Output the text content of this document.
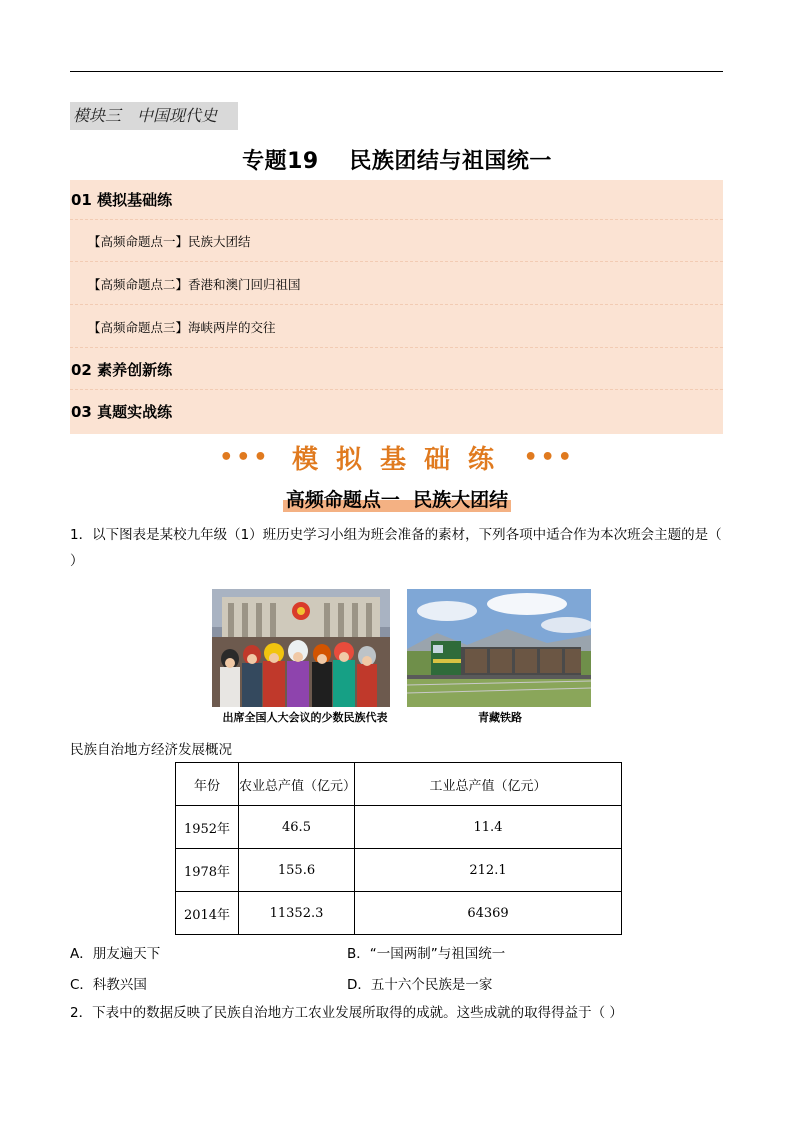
模块三　中国现代史
专题19　 民族团结与祖国统一
01 模拟基础练
【高频命题点一】民族大团结
【高频命题点二】香港和澳门回归祖国
【高频命题点三】海峡两岸的交往
02 素养创新练
03 真题实战练
••• 模拟基础练 •••
高频命题点一  民族大团结
1．以下图表是某校九年级（1）班历史学习小组为班会准备的素材，下列各项中适合作为本次班会主题的是（ ）
出席全国人大会议的少数民族代表	青藏铁路
民族自治地方经济发展概况
年份	农业总产值（亿元）	工业总产值（亿元）
1952年	46.5	11.4
1978年	155.6	212.1
2014年	11352.3	64369
A．朋友遍天下	B．“一国两制”与祖国统一
C．科教兴国	D．五十六个民族是一家
2．下表中的数据反映了民族自治地方工农业发展所取得的成就。这些成就的取得得益于（ ）
